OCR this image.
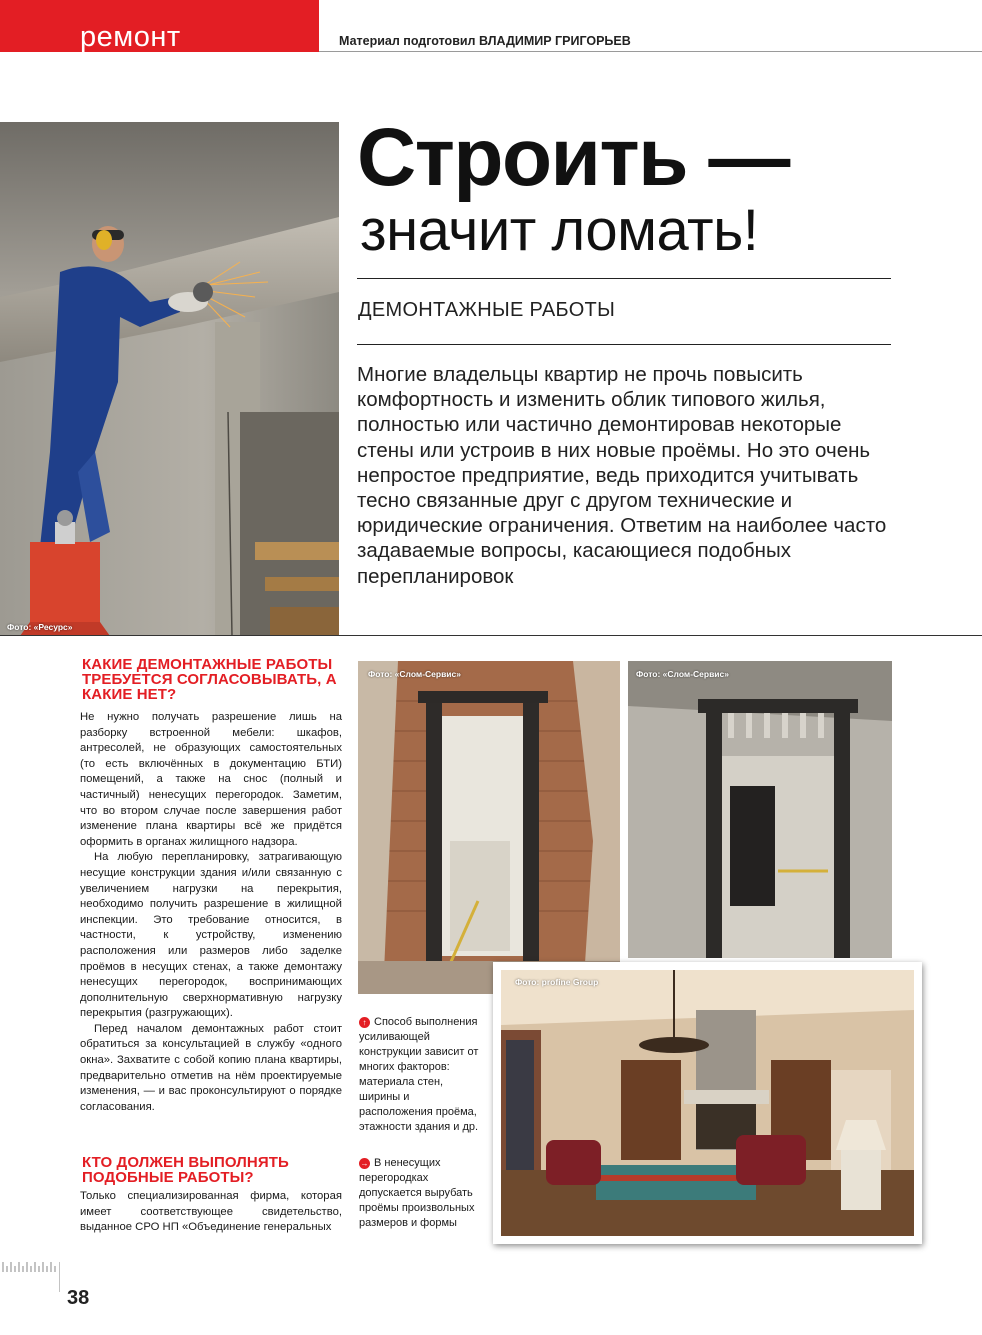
ремонт	Материал подготовил ВЛАДИМИР ГРИГОРЬЕВ
Фото: «Ресурс»
Строить —
значит ломать!
ДЕМОНТАЖНЫЕ РАБОТЫ
Многие владельцы квартир не прочь повысить комфортность и изменить облик типового жилья, полностью или частично демонтировав некоторые стены или устроив в них новые проёмы. Но это очень непростое предприятие, ведь приходится учитывать тесно связанные друг с другом технические и юридические ограничения. Ответим на наиболее часто задаваемые вопросы, касающиеся подобных перепланировок
КАКИЕ ДЕМОНТАЖНЫЕ РАБОТЫ ТРЕБУЕТСЯ СОГЛАСОВЫВАТЬ, А КАКИЕ НЕТ?

Не нужно получать разрешение лишь на разборку встроенной мебели: шкафов, антресолей, не образующих самостоятельных (то есть включённых в документацию БТИ) помещений, а также на снос (полный и частичный) ненесущих перегородок. Заметим, что во втором случае после завершения работ изменение плана квартиры всё же придётся оформить в органах жилищного надзора.

На любую перепланировку, затрагивающую несущие конструкции здания и/или связанную с увеличением нагрузки на перекрытия, необходимо получить разрешение в жилищной инспекции. Это требование относится, в частности, к устройству, изменению расположения или размеров либо заделке проёмов в несущих стенах, а также демонтажу ненесущих перегородок, воспринимающих дополнительную сверхнормативную нагрузку перекрытия (разгружающих).

Перед началом демонтажных работ стоит обратиться за консультацией в службу «одного окна». Захватите с собой копию плана квартиры, предварительно отметив на нём проектируемые изменения, — и вас проконсультируют о порядке согласования.

КТО ДОЛЖЕН ВЫПОЛНЯТЬ ПОДОБНЫЕ РАБОТЫ?

Только специализированная фирма, которая имеет соответствующее свидетельство, выданное СРО НП «Объединение генеральных

Фото: «Слом-Сервис»	Фото: «Слом-Сервис»
Фото: profine Group
↑ Способ выполнения усиливающей конструкции зависит от многих факторов: материала стен, ширины и расположения проёма, этажности здания и др.
→ В ненесущих перегородках допускается вырубать проёмы произвольных размеров и формы
38
